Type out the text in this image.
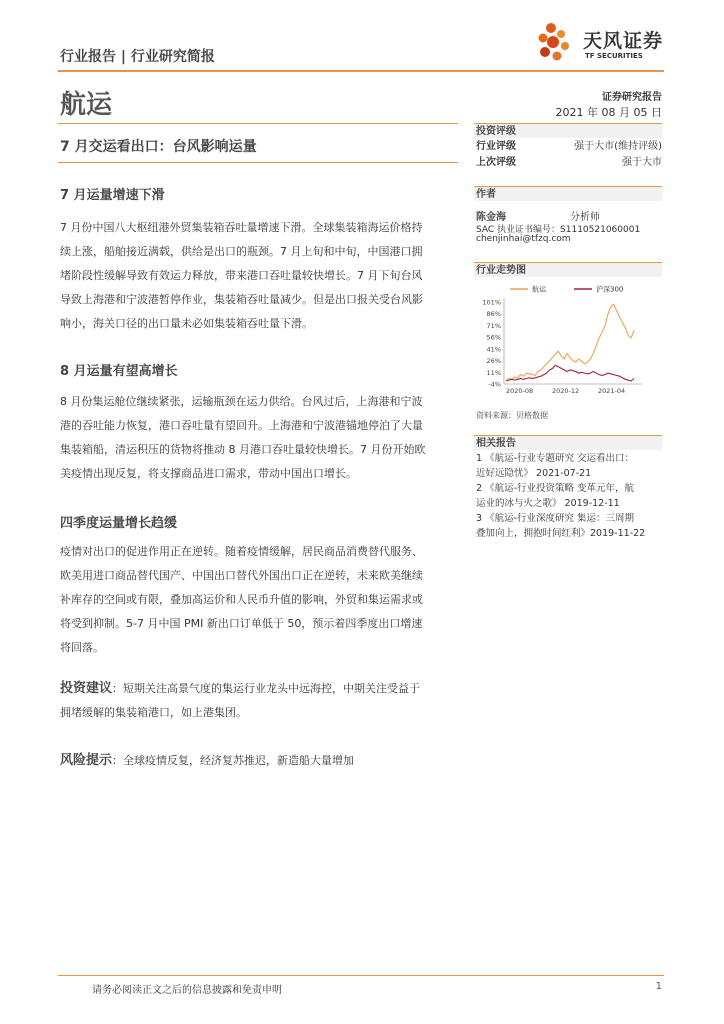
行业报告 | 行业研究简报
天风证券
TF SECURITIES
航运	证券研究报告
2021 年 08 月 05 日
7 月交运看出口：台风影响运量
7 月运量增速下滑
7 月份中国八大枢纽港外贸集装箱吞吐量增速下滑。全球集装箱海运价格持
续上涨，船舶接近满载，供给是出口的瓶颈。7 月上旬和中旬，中国港口拥
堵阶段性缓解导致有效运力释放，带来港口吞吐量较快增长。7 月下旬台风
导致上海港和宁波港暂停作业，集装箱吞吐量减少。但是出口报关受台风影
响小，海关口径的出口量未必如集装箱吞吐量下滑。
8 月运量有望高增长
8 月份集运舱位继续紧张，运输瓶颈在运力供给。台风过后，上海港和宁波
港的吞吐能力恢复，港口吞吐量有望回升。上海港和宁波港锚地停泊了大量
集装箱船，清运积压的货物将推动 8 月港口吞吐量较快增长。7 月份开始欧
美疫情出现反复，将支撑商品进口需求，带动中国出口增长。
四季度运量增长趋缓
疫情对出口的促进作用正在逆转。随着疫情缓解，居民商品消费替代服务、
欧美用进口商品替代国产、中国出口替代外国出口正在逆转，未来欧美继续
补库存的空间或有限，叠加高运价和人民币升值的影响，外贸和集运需求或
将受到抑制。5-7 月中国 PMI 新出口订单低于 50，预示着四季度出口增速
将回落。
投资建议：短期关注高景气度的集运行业龙头中远海控，中期关注受益于
拥堵缓解的集装箱港口，如上港集团。
风险提示：全球疫情反复，经济复苏推迟，新造船大量增加
投资评级
行业评级	强于大市(维持评级)
上次评级	强于大市
作者
陈金海	分析师
SAC 执业证书编号：S1110521060001
chenjinhai@tfzq.com
行业走势图
101%
86%
71%
56%
41%
26%
11%
-4%
2020-08	2020-12	2021-04
航运	沪深300
资料来源：贝格数据
相关报告
1 《航运-行业专题研究 交运看出口：
近好远隐忧》 2021-07-21
2 《航运-行业投资策略 变革元年，航
运业的冰与火之歌》 2019-12-11
3 《航运-行业深度研究 集运：三周期
叠加向上，拥抱时间红利》2019-11-22
请务必阅读正文之后的信息披露和免责申明	1
